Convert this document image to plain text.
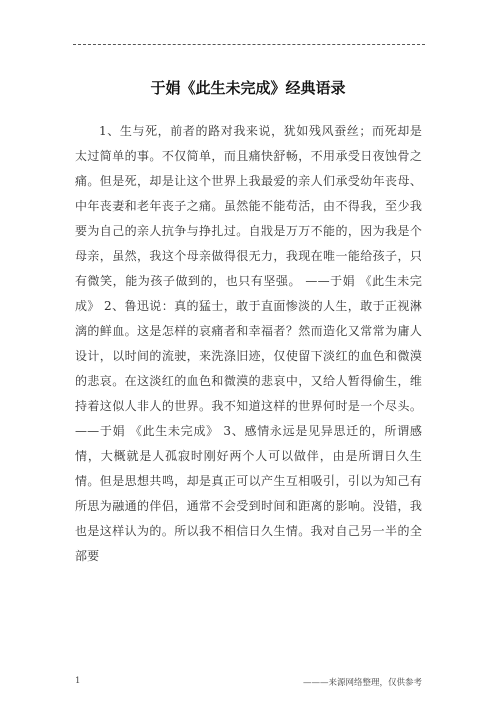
于娟《此生未完成》经典语录
1、生与死，前者的路对我来说，犹如残风蚕丝；而死却是太过简单的事。不仅简单，而且痛快舒畅，不用承受日夜蚀骨之痛。但是死，却是让这个世界上我最爱的亲人们承受幼年丧母、中年丧妻和老年丧子之痛。虽然能不能苟活，由不得我，至少我要为自己的亲人抗争与挣扎过。自戕是万万不能的，因为我是个母亲，虽然，我这个母亲做得很无力，我现在唯一能给孩子，只有微笑，能为孩子做到的，也只有坚强。 ——于娟 《此生未完成》 2、鲁迅说：真的猛士，敢于直面惨淡的人生，敢于正视淋漓的鲜血。这是怎样的哀痛者和幸福者？然而造化又常常为庸人设计，以时间的流驶，来洗涤旧迹，仅使留下淡红的血色和微漠的悲哀。在这淡红的血色和微漠的悲哀中，又给人暂得偷生，维持着这似人非人的世界。我不知道这样的世界何时是一个尽头。 ——于娟 《此生未完成》 3、感情永远是见异思迁的，所谓感情，大概就是人孤寂时刚好两个人可以做伴，由是所谓日久生情。但是思想共鸣，却是真正可以产生互相吸引，引以为知己有所思为融通的伴侣，通常不会受到时间和距离的影响。没错，我也是这样认为的。所以我不相信日久生情。我对自己另一半的全部要
1	———来源网络整理，仅供参考
